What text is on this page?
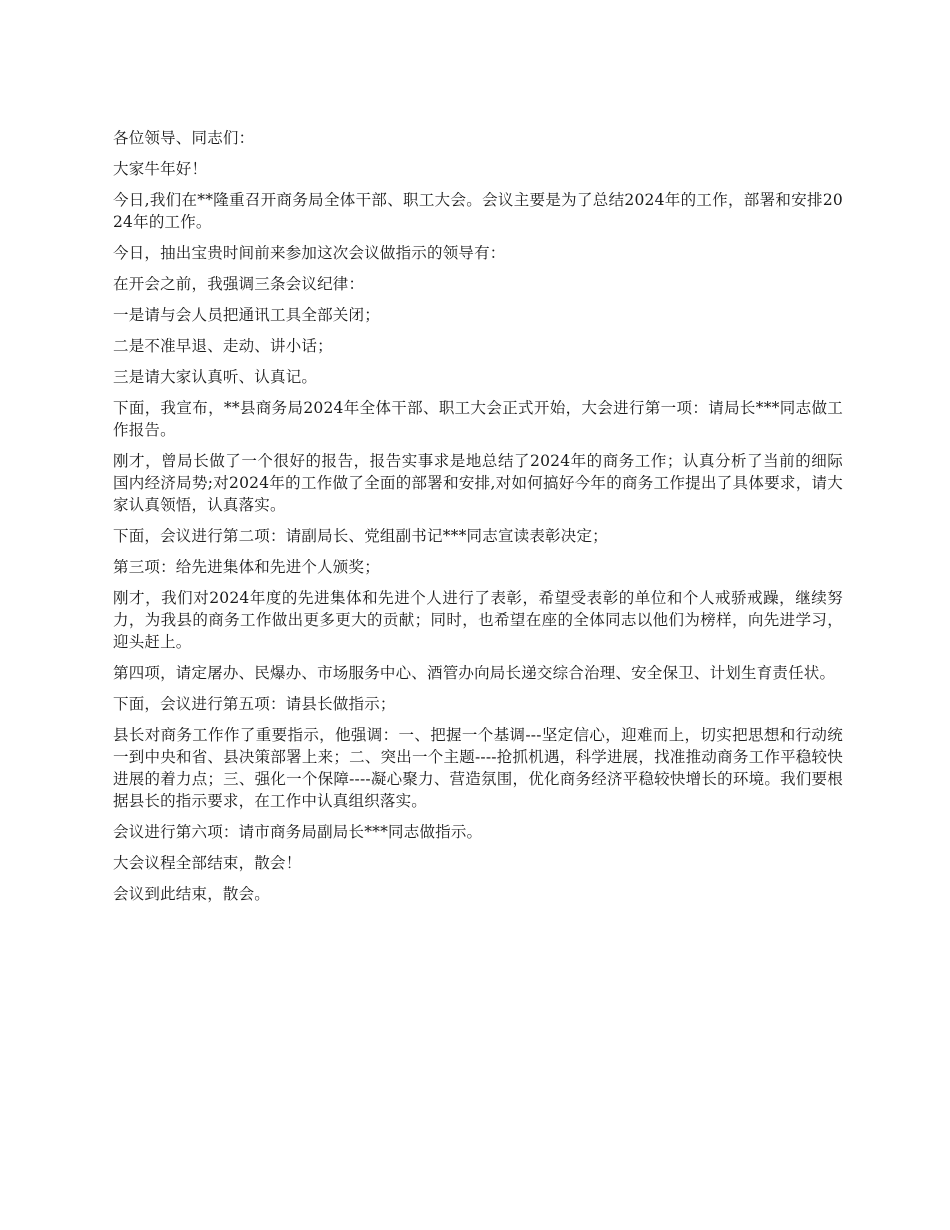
各位领导、同志们：

大家牛年好！

今日,我们在**隆重召开商务局全体干部、职工大会。会议主要是为了总结2024年的工作，部署和安排2024年的工作。

今日，抽出宝贵时间前来参加这次会议做指示的领导有：

在开会之前，我强调三条会议纪律：

一是请与会人员把通讯工具全部关闭；

二是不准早退、走动、讲小话；

三是请大家认真听、认真记。

下面，我宣布，**县商务局2024年全体干部、职工大会正式开始，大会进行第一项：请局长***同志做工作报告。

刚才，曾局长做了一个很好的报告，报告实事求是地总结了2024年的商务工作；认真分析了当前的细际国内经济局势;对2024年的工作做了全面的部署和安排,对如何搞好今年的商务工作提出了具体要求，请大家认真领悟，认真落实。

下面，会议进行第二项：请副局长、党组副书记***同志宣读表彰决定；

第三项：给先进集体和先进个人颁奖；

刚才，我们对2024年度的先进集体和先进个人进行了表彰，希望受表彰的单位和个人戒骄戒躁，继续努力，为我县的商务工作做出更多更大的贡献；同时，也希望在座的全体同志以他们为榜样，向先进学习，迎头赶上。

第四项，请定屠办、民爆办、市场服务中心、酒管办向局长递交综合治理、安全保卫、计划生育责任状。

下面，会议进行第五项：请县长做指示；

县长对商务工作作了重要指示，他强调：一、把握一个基调---坚定信心，迎难而上，切实把思想和行动统一到中央和省、县决策部署上来；二、突出一个主题----抢抓机遇，科学进展，找准推动商务工作平稳较快进展的着力点；三、强化一个保障----凝心聚力、营造氛围，优化商务经济平稳较快增长的环境。我们要根据县长的指示要求，在工作中认真组织落实。

会议进行第六项：请市商务局副局长***同志做指示。

大会议程全部结束，散会！

会议到此结束，散会。
